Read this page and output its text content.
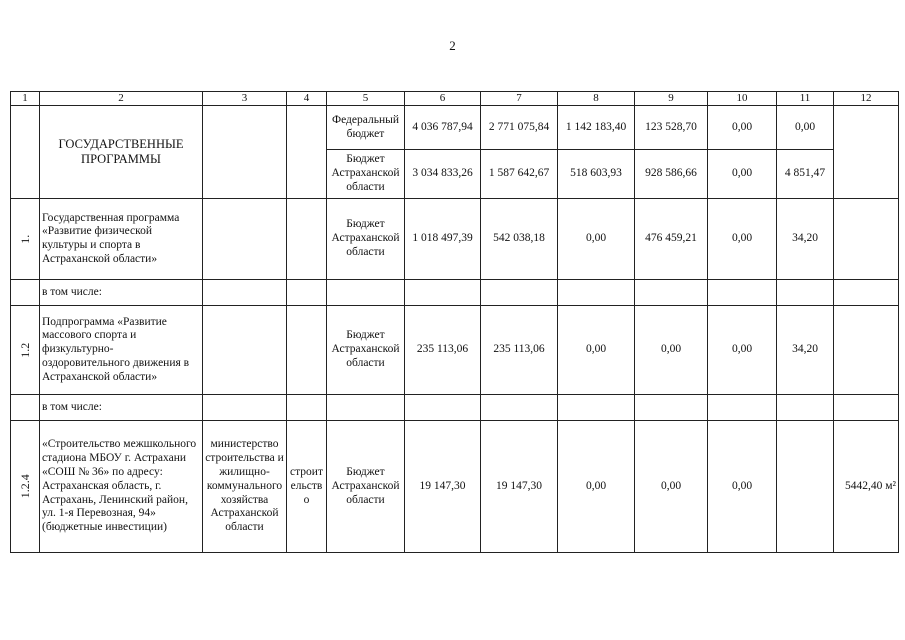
2
1	2	3	4	5	6	7	8	9	10	11	12

	ГОСУДАРСТВЕННЫЕ ПРОГРАММЫ			Федеральный бюджет	4 036 787,94	2 771 075,84	1 142 183,40	123 528,70	0,00	0,00	

				Бюджет Астраханской области	3 034 833,26	1 587 642,67	518 603,93	928 586,66	0,00	4 851,47	

1.	Государственная программа «Развитие физической культуры и спорта в Астраханской области»			Бюджет Астраханской области	1 018 497,39	542 038,18	0,00	476 459,21	0,00	34,20	
	в том числе:										

1.2	Подпрограмма «Развитие массового спорта и физкультурно-оздоровительного движения в Астраханской области»			Бюджет Астраханской области	235 113,06	235 113,06	0,00	0,00	0,00	34,20	
	в том числе:										

1.2.4	«Строительство межшкольного стадиона МБОУ г. Астрахани «СОШ № 36» по адресу: Астраханская область, г. Астрахань, Ленинский район, ул. 1-я Перевозная, 94» (бюджетные инвестиции)	министерство строительства и жилищно-коммунального хозяйства Астраханской области	строительство	Бюджет Астраханской области	19 147,30	19 147,30	0,00	0,00	0,00		5442,40 м²
